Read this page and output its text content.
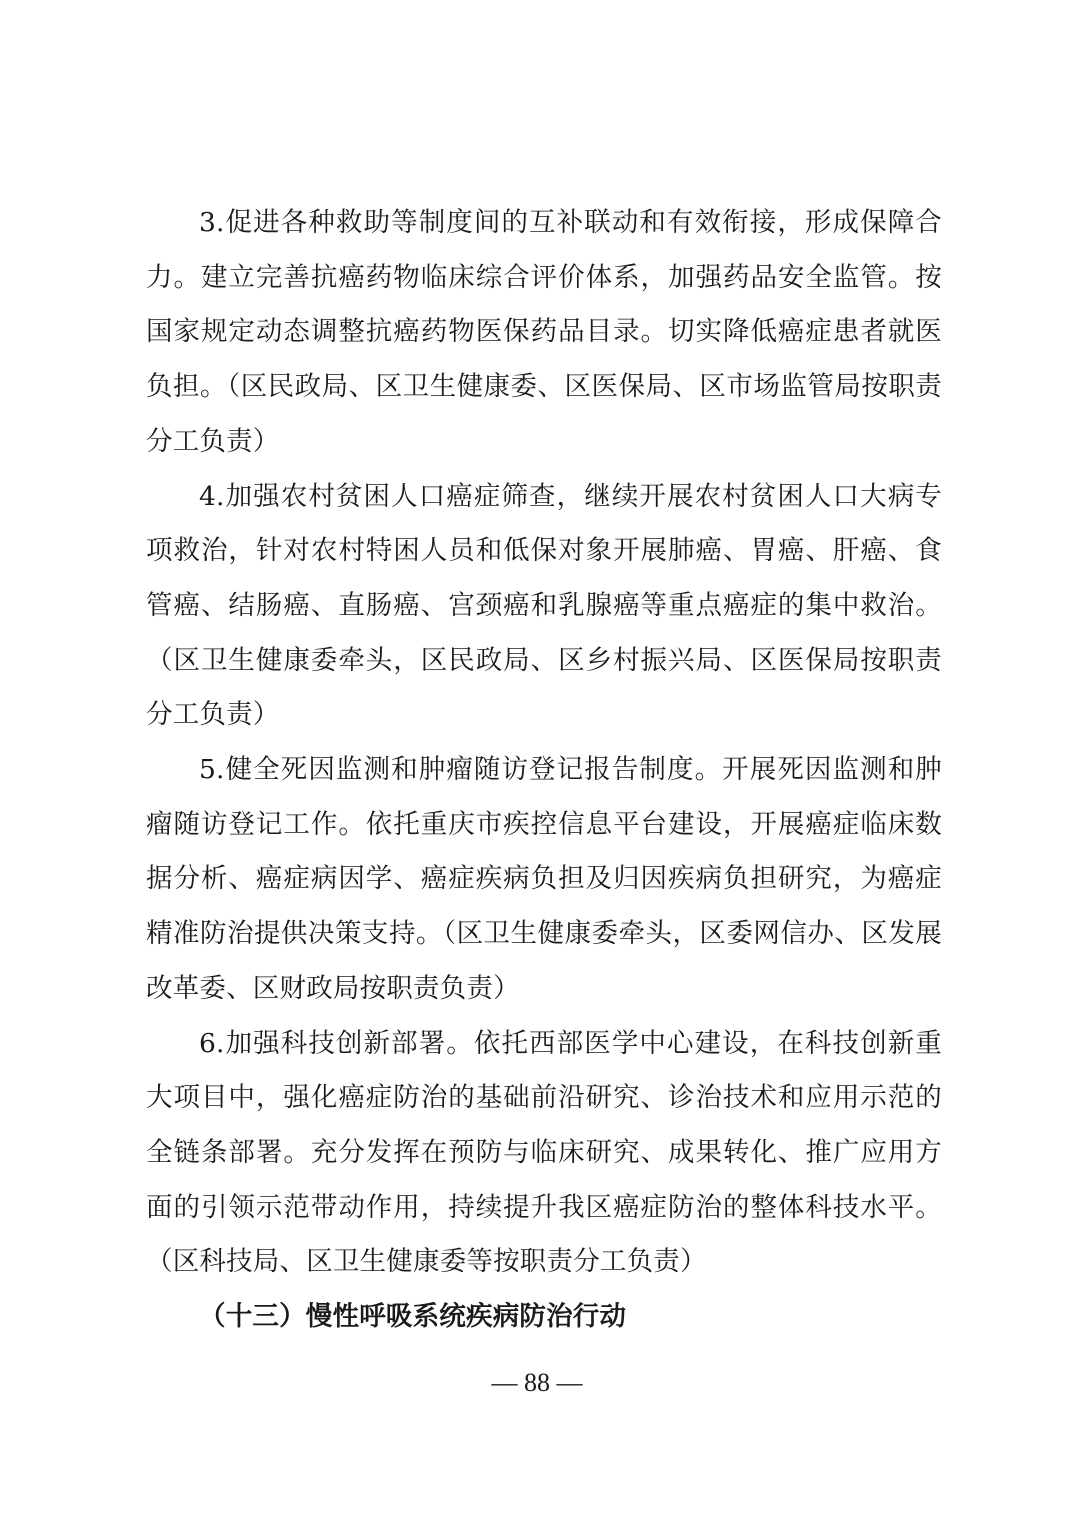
3.促进各种救助等制度间的互补联动和有效衔接，形成保障合力。建立完善抗癌药物临床综合评价体系，加强药品安全监管。按国家规定动态调整抗癌药物医保药品目录。切实降低癌症患者就医负担。（区民政局、区卫生健康委、区医保局、区市场监管局按职责分工负责）

4.加强农村贫困人口癌症筛查，继续开展农村贫困人口大病专项救治，针对农村特困人员和低保对象开展肺癌、胃癌、肝癌、食管癌、结肠癌、直肠癌、宫颈癌和乳腺癌等重点癌症的集中救治。（区卫生健康委牵头，区民政局、区乡村振兴局、区医保局按职责分工负责）

5.健全死因监测和肿瘤随访登记报告制度。开展死因监测和肿瘤随访登记工作。依托重庆市疾控信息平台建设，开展癌症临床数据分析、癌症病因学、癌症疾病负担及归因疾病负担研究，为癌症精准防治提供决策支持。（区卫生健康委牵头，区委网信办、区发展改革委、区财政局按职责负责）

6.加强科技创新部署。依托西部医学中心建设，在科技创新重大项目中，强化癌症防治的基础前沿研究、诊治技术和应用示范的全链条部署。充分发挥在预防与临床研究、成果转化、推广应用方面的引领示范带动作用，持续提升我区癌症防治的整体科技水平。（区科技局、区卫生健康委等按职责分工负责）

（十三）慢性呼吸系统疾病防治行动

— 88 —
